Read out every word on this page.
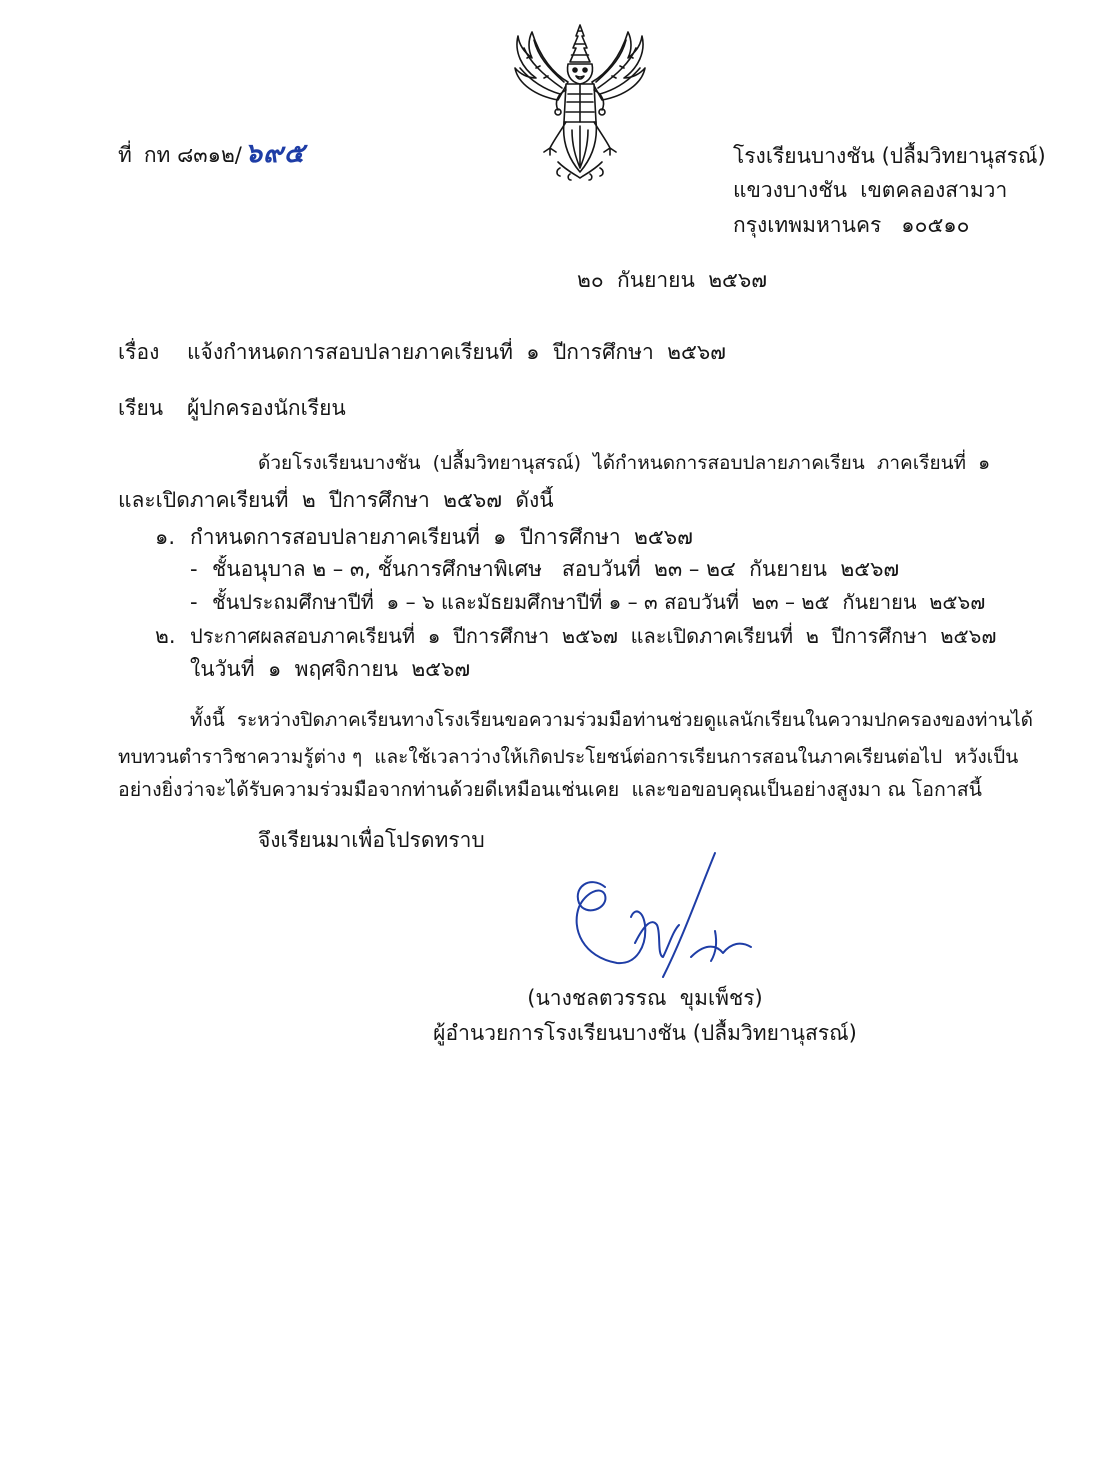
ที่ กท ๘๓๑๒/ ๖๙๕	โรงเรียนบางชัน (ปลื้มวิทยานุสรณ์)
แขวงบางชัน  เขตคลองสามวา
กรุงเทพมหานคร   ๑๐๕๑๐
๒๐  กันยายน  ๒๕๖๗
เรื่อง	แจ้งกำหนดการสอบปลายภาคเรียนที่  ๑  ปีการศึกษา  ๒๕๖๗
เรียน	ผู้ปกครองนักเรียน
ด้วยโรงเรียนบางชัน  (ปลื้มวิทยานุสรณ์)  ได้กำหนดการสอบปลายภาคเรียน  ภาคเรียนที่  ๑
และเปิดภาคเรียนที่  ๒  ปีการศึกษา  ๒๕๖๗  ดังนี้
๑. กำหนดการสอบปลายภาคเรียนที่  ๑  ปีการศึกษา  ๒๕๖๗
- ชั้นอนุบาล ๒ – ๓, ชั้นการศึกษาพิเศษ   สอบวันที่  ๒๓ – ๒๔  กันยายน  ๒๕๖๗
- ชั้นประถมศึกษาปีที่  ๑ – ๖ และมัธยมศึกษาปีที่ ๑ – ๓ สอบวันที่  ๒๓ – ๒๕  กันยายน  ๒๕๖๗
๒. ประกาศผลสอบภาคเรียนที่  ๑  ปีการศึกษา  ๒๕๖๗  และเปิดภาคเรียนที่  ๒  ปีการศึกษา  ๒๕๖๗
ในวันที่  ๑  พฤศจิกายน  ๒๕๖๗
ทั้งนี้  ระหว่างปิดภาคเรียนทางโรงเรียนขอความร่วมมือท่านช่วยดูแลนักเรียนในความปกครองของท่านได้
ทบทวนตำราวิชาความรู้ต่าง ๆ  และใช้เวลาว่างให้เกิดประโยชน์ต่อการเรียนการสอนในภาคเรียนต่อไป  หวังเป็น
อย่างยิ่งว่าจะได้รับความร่วมมือจากท่านด้วยดีเหมือนเช่นเคย  และขอขอบคุณเป็นอย่างสูงมา ณ โอกาสนี้
จึงเรียนมาเพื่อโปรดทราบ
(นางชลตวรรณ  ขุมเพ็ชร)
ผู้อำนวยการโรงเรียนบางชัน (ปลื้มวิทยานุสรณ์)
